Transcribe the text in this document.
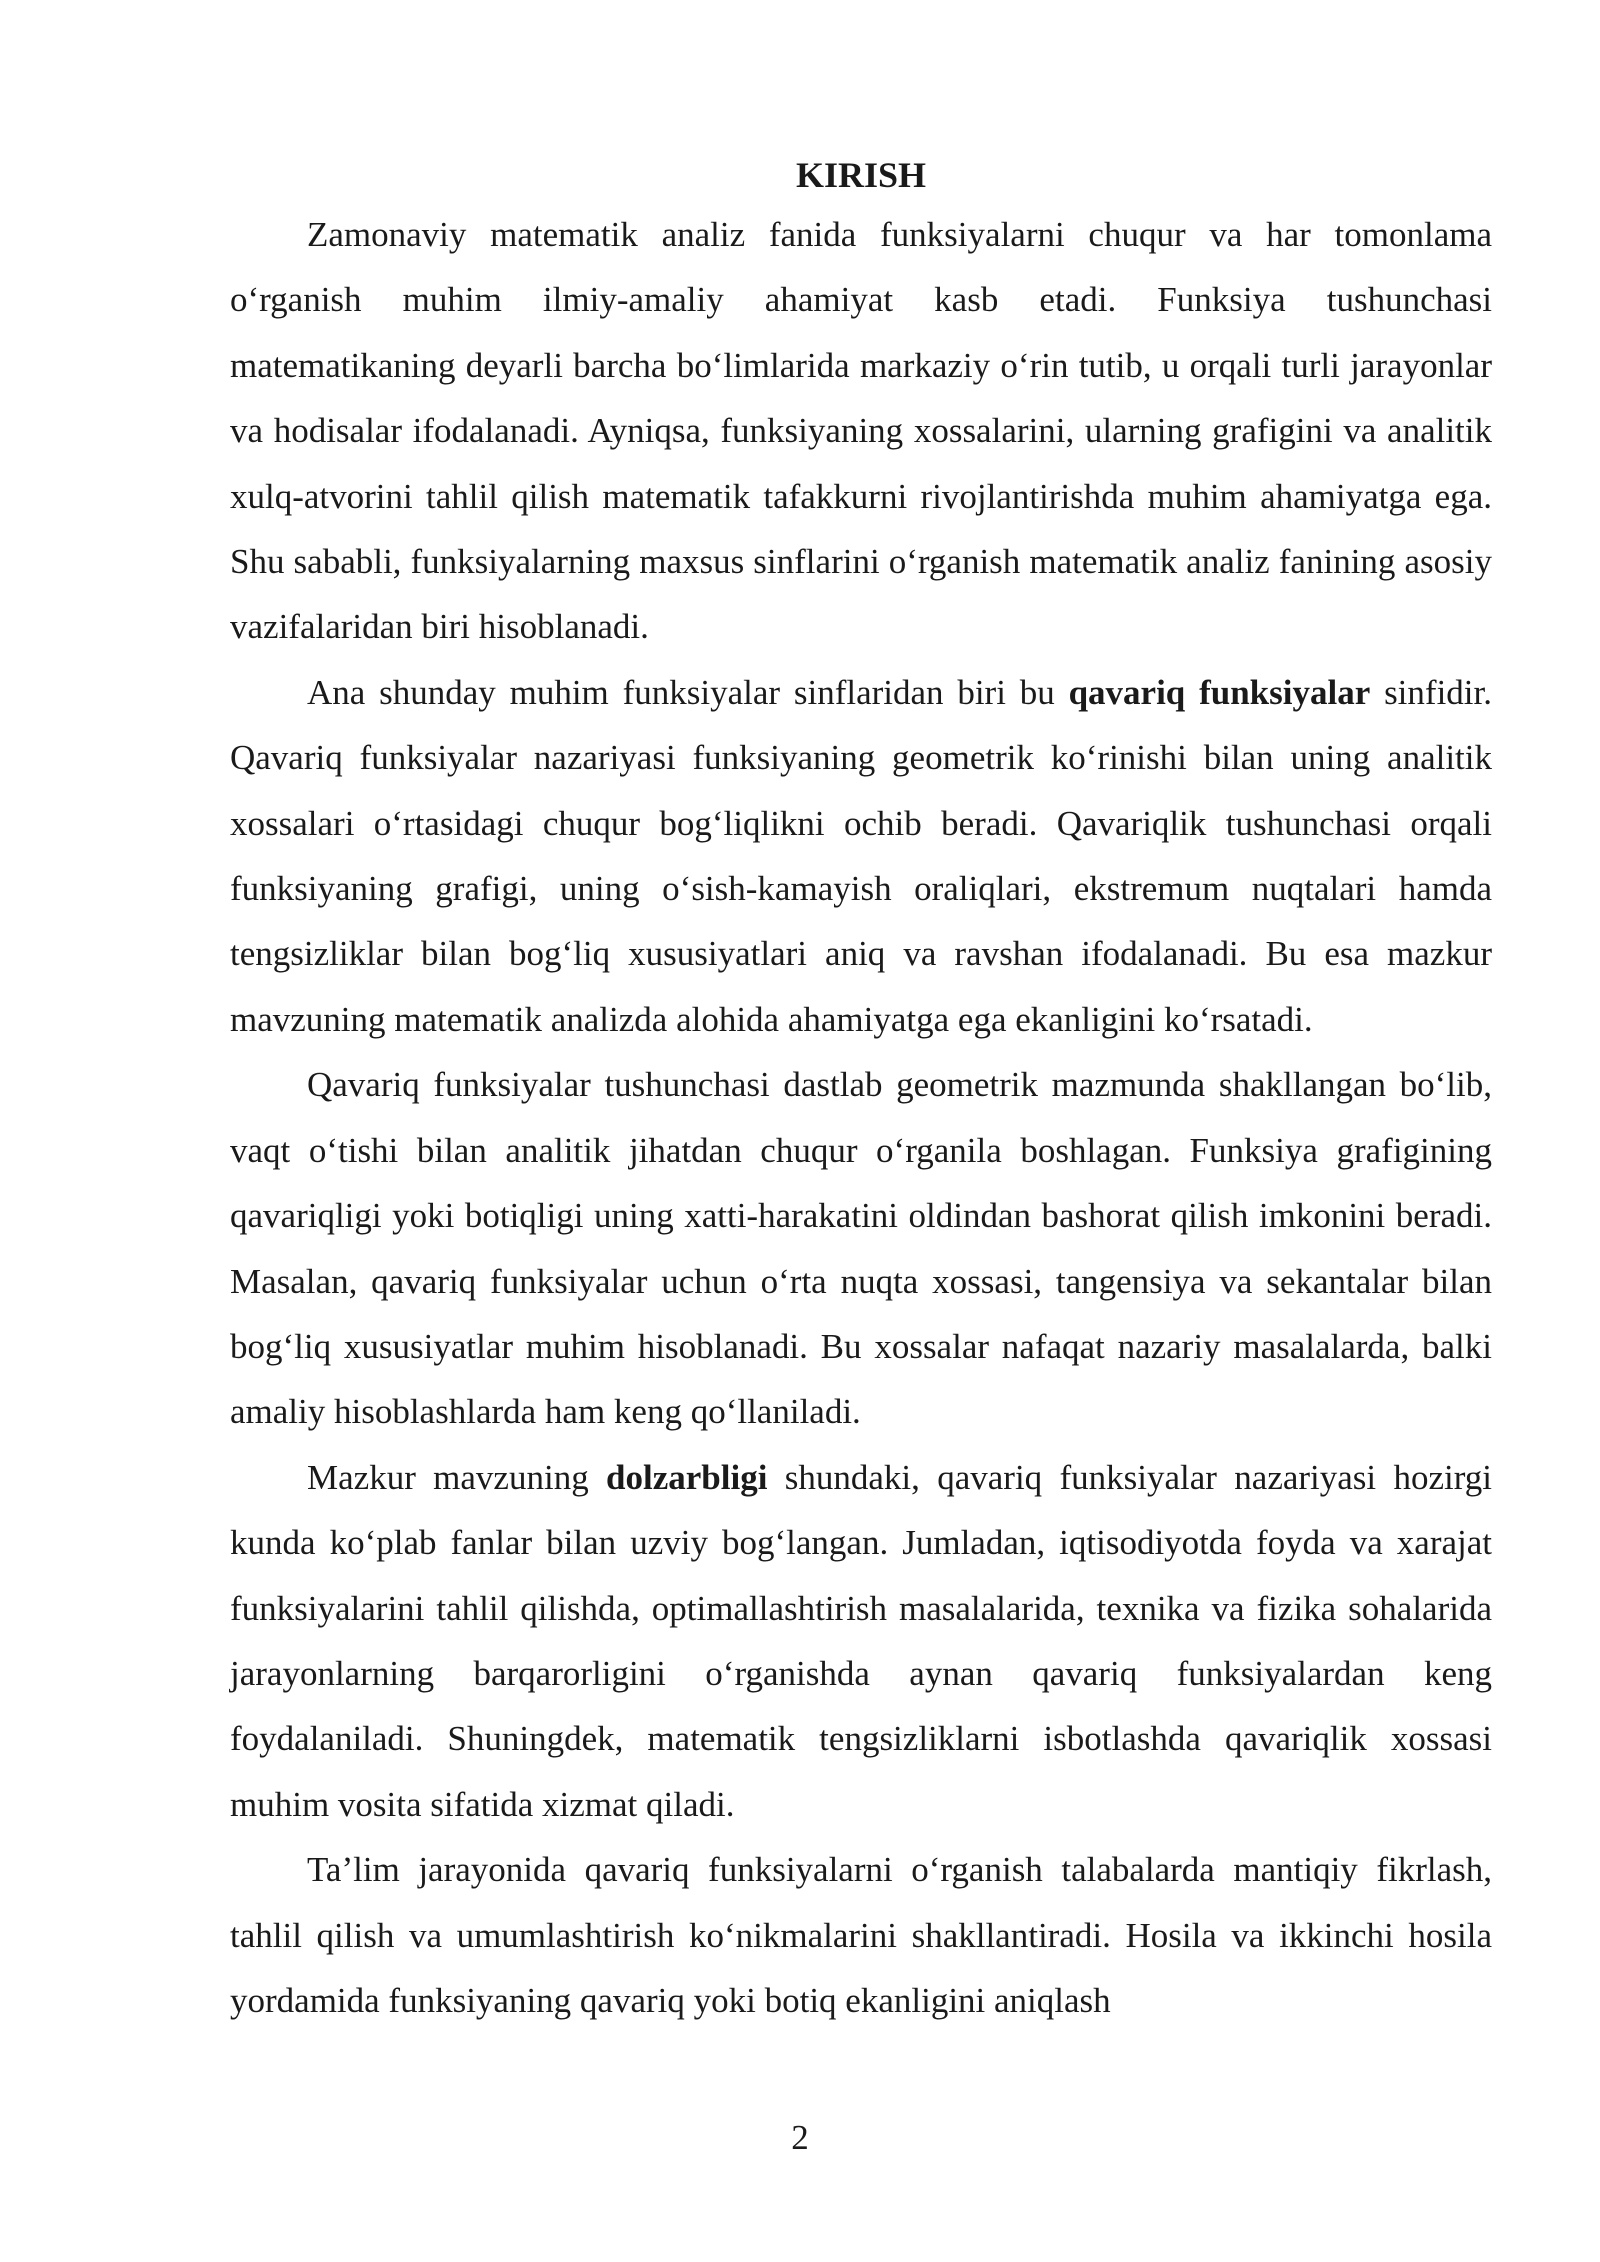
KIRISH

Zamonaviy matematik analiz fanida funksiyalarni chuqur va har tomonlama oʻrganish muhim ilmiy-amaliy ahamiyat kasb etadi. Funksiya tushunchasi matematikaning deyarli barcha boʻlimlarida markaziy oʻrin tutib, u orqali turli jarayonlar va hodisalar ifodalanadi. Ayniqsa, funksiyaning xossalarini, ularning grafigini va analitik xulq-atvorini tahlil qilish matematik tafakkurni rivojlantirishda muhim ahamiyatga ega. Shu sababli, funksiyalarning maxsus sinflarini oʻrganish matematik analiz fanining asosiy vazifalaridan biri hisoblanadi.

Ana shunday muhim funksiyalar sinflaridan biri bu qavariq funksiyalar sinfidir. Qavariq funksiyalar nazariyasi funksiyaning geometrik koʻrinishi bilan uning analitik xossalari oʻrtasidagi chuqur bogʻliqlikni ochib beradi. Qavariqlik tushunchasi orqali funksiyaning grafigi, uning oʻsish-kamayish oraliqlari, ekstremum nuqtalari hamda tengsizliklar bilan bogʻliq xususiyatlari aniq va ravshan ifodalanadi. Bu esa mazkur mavzuning matematik analizda alohida ahamiyatga ega ekanligini koʻrsatadi.

Qavariq funksiyalar tushunchasi dastlab geometrik mazmunda shakllangan boʻlib, vaqt oʻtishi bilan analitik jihatdan chuqur oʻrganila boshlagan. Funksiya grafigining qavariqligi yoki botiqligi uning xatti-harakatini oldindan bashorat qilish imkonini beradi. Masalan, qavariq funksiyalar uchun oʻrta nuqta xossasi, tangensiya va sekantalar bilan bogʻliq xususiyatlar muhim hisoblanadi. Bu xossalar nafaqat nazariy masalalarda, balki amaliy hisoblashlarda ham keng qoʻllaniladi.

Mazkur mavzuning dolzarbligi shundaki, qavariq funksiyalar nazariyasi hozirgi kunda koʻplab fanlar bilan uzviy bogʻlangan. Jumladan, iqtisodiyotda foyda va xarajat funksiyalarini tahlil qilishda, optimallashtirish masalalarida, texnika va fizika sohalarida jarayonlarning barqarorligini oʻrganishda aynan qavariq funksiyalardan keng foydalaniladi. Shuningdek, matematik tengsizliklarni isbotlashda qavariqlik xossasi muhim vosita sifatida xizmat qiladi.

Taʼlim jarayonida qavariq funksiyalarni oʻrganish talabalarda mantiqiy fikrlash, tahlil qilish va umumlashtirish koʻnikmalarini shakllantiradi. Hosila va ikkinchi hosila yordamida funksiyaning qavariq yoki botiq ekanligini aniqlash

2
